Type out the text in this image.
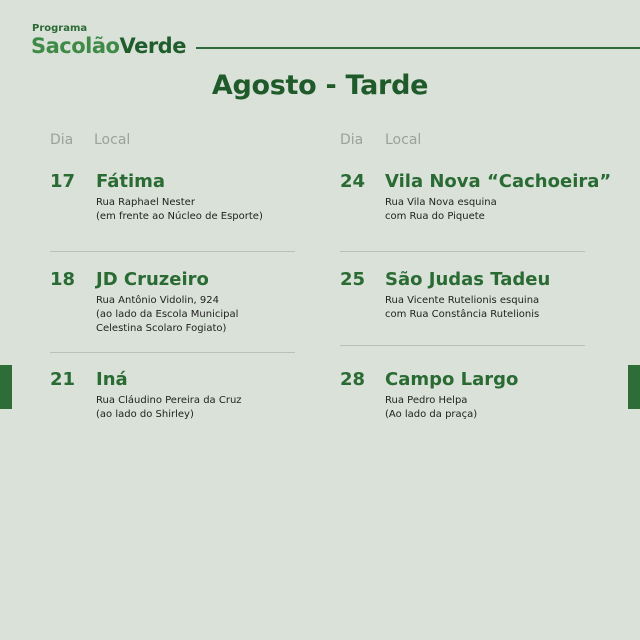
Programa
SacolãoVerde
Agosto - Tarde
Dia Local	Dia Local
17 Fátima
Rua Raphael Nester
(em frente ao Núcleo de Esporte)
18 JD Cruzeiro
Rua Antônio Vidolin, 924
(ao lado da Escola Municipal
Celestina Scolaro Fogiato)
21 Iná
Rua Cláudino Pereira da Cruz
(ao lado do Shirley)
24 Vila Nova “Cachoeira”
Rua Vila Nova esquina
com Rua do Piquete
25 São Judas Tadeu
Rua Vicente Rutelionis esquina
com Rua Constância Rutelionis
28 Campo Largo
Rua Pedro Helpa
(Ao lado da praça)
